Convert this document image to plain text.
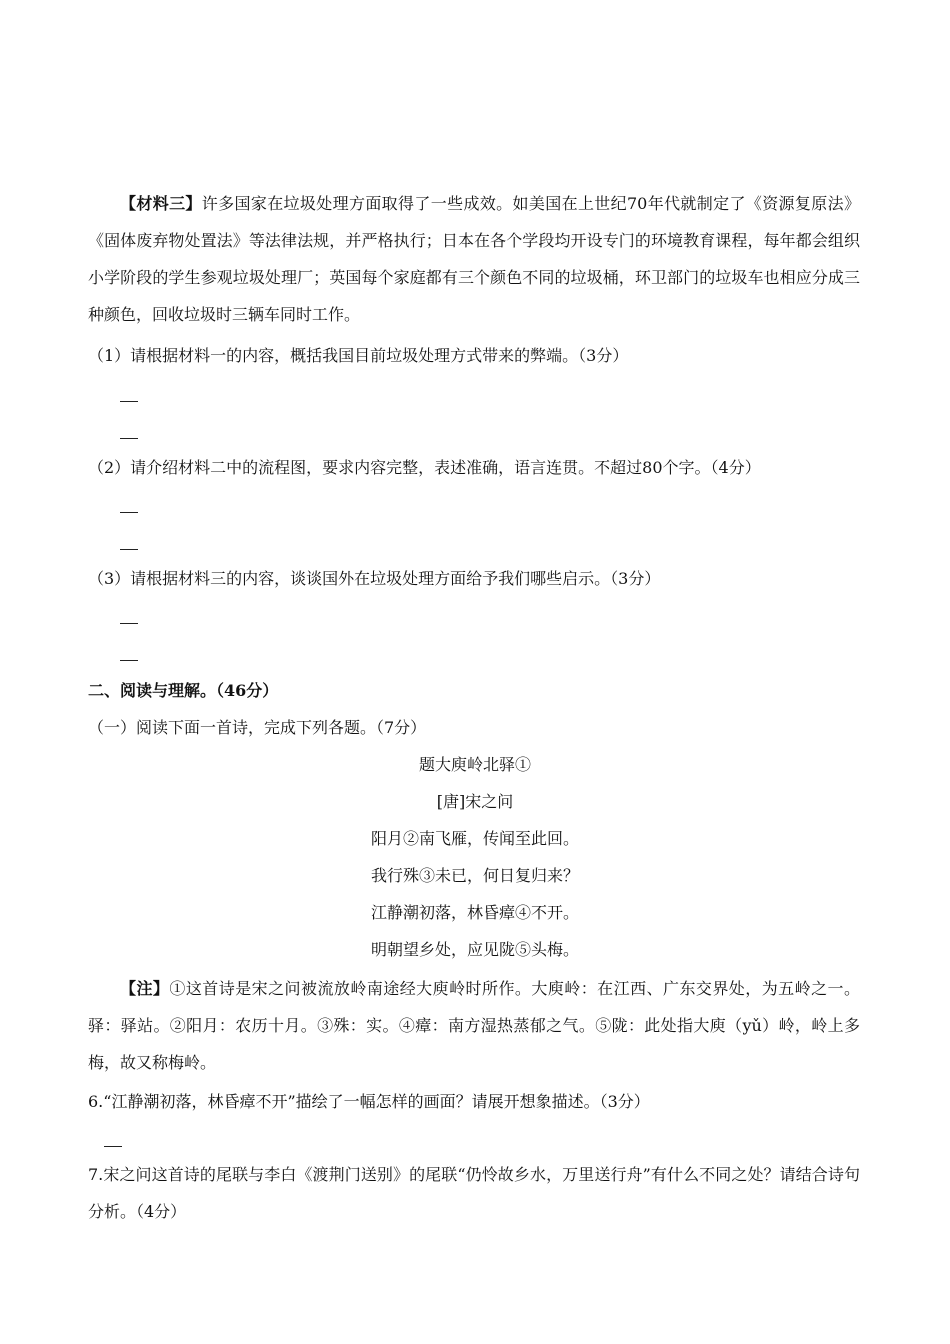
【材料三】许多国家在垃圾处理方面取得了一些成效。如美国在上世纪70年代就制定了《资源复原法》《固体废弃物处置法》等法律法规，并严格执行；日本在各个学段均开设专门的环境教育课程，每年都会组织小学阶段的学生参观垃圾处理厂；英国每个家庭都有三个颜色不同的垃圾桶，环卫部门的垃圾车也相应分成三种颜色，回收垃圾时三辆车同时工作。
（1）请根据材料一的内容，概括我国目前垃圾处理方式带来的弊端。（3分）
（2）请介绍材料二中的流程图，要求内容完整，表述准确，语言连贯。不超过80个字。（4分）
（3）请根据材料三的内容，谈谈国外在垃圾处理方面给予我们哪些启示。（3分）
二、阅读与理解。（46分）
（一）阅读下面一首诗，完成下列各题。（7分）
题大庾岭北驿①
[唐]宋之问
阳月②南飞雁，传闻至此回。
我行殊③未已，何日复归来？
江静潮初落，林昏瘴④不开。
明朝望乡处，应见陇⑤头梅。
【注】①这首诗是宋之问被流放岭南途经大庾岭时所作。大庾岭：在江西、广东交界处，为五岭之一。驿：驿站。②阳月：农历十月。③殊：实。④瘴：南方湿热蒸郁之气。⑤陇：此处指大庾（yǔ）岭，岭上多梅，故又称梅岭。
6.“江静潮初落，林昏瘴不开”描绘了一幅怎样的画面？请展开想象描述。（3分）
7.宋之问这首诗的尾联与李白《渡荆门送别》的尾联“仍怜故乡水，万里送行舟”有什么不同之处？请结合诗句分析。（4分）
